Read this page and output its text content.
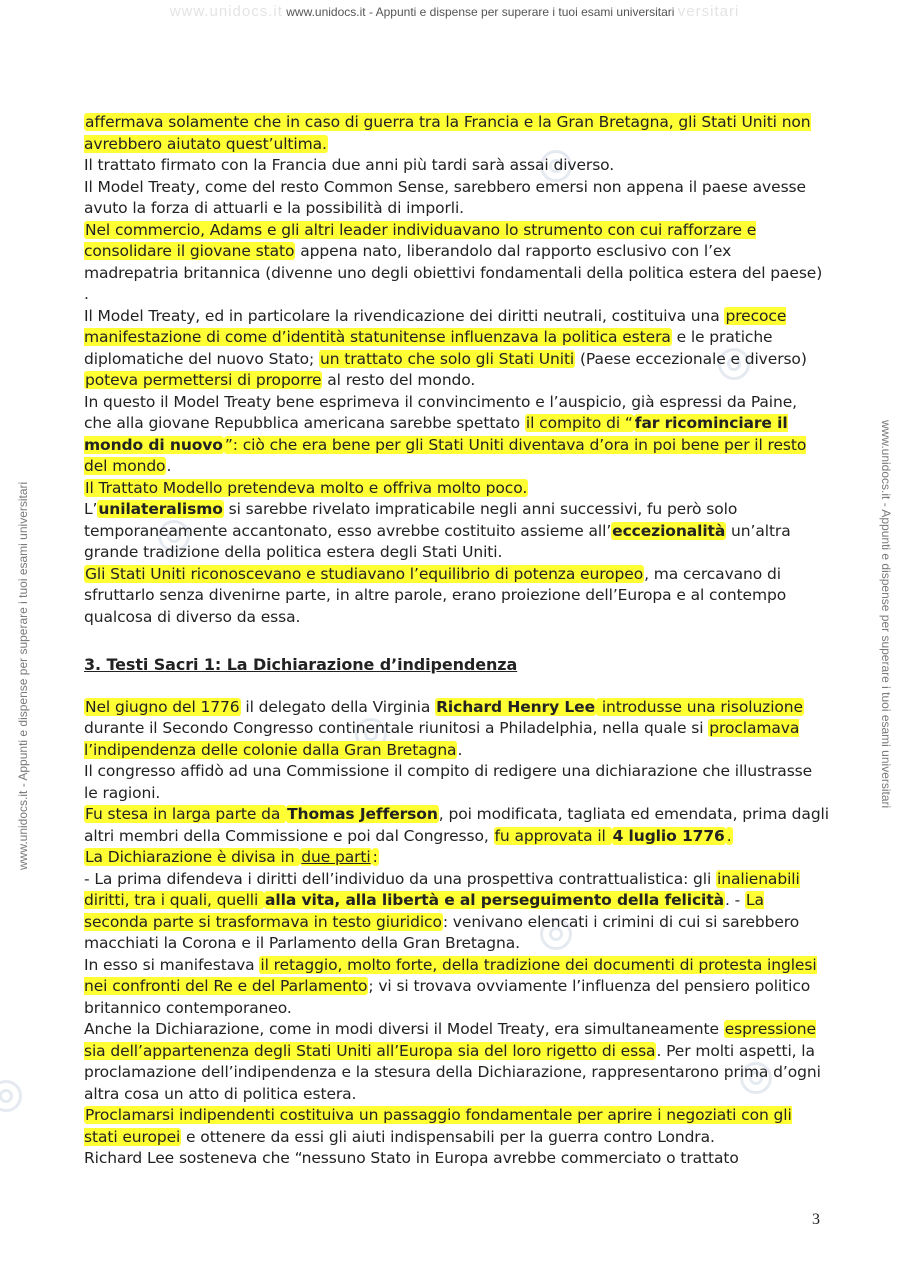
www.unidocs.it www.unidocs.it - Appunti e dispense per superare i tuoi esami universitari versitari
www.unidocs.it - Appunti e dispense per superare i tuoi esami universitari	www.unidocs.it - Appunti e dispense per superare i tuoi esami universitari

affermava solamente che in caso di guerra tra la Francia e la Gran Bretagna, gli Stati Uniti non avrebbero aiutato quest’ultima.

Il trattato firmato con la Francia due anni più tardi sarà assai diverso.

Il Model Treaty, come del resto Common Sense, sarebbero emersi non appena il paese avesse avuto la forza di attuarli e la possibilità di imporli.

Nel commercio, Adams e gli altri leader individuavano lo strumento con cui rafforzare e consolidare il giovane stato appena nato, liberandolo dal rapporto esclusivo con l’ex madrepatria britannica (divenne uno degli obiettivi fondamentali della politica estera del paese) .

Il Model Treaty, ed in particolare la rivendicazione dei diritti neutrali, costituiva una precoce manifestazione di come d’identità statunitense influenzava la politica estera e le pratiche diplomatiche del nuovo Stato; un trattato che solo gli Stati Uniti (Paese eccezionale e diverso) poteva permettersi di proporre al resto del mondo.

In questo il Model Treaty bene esprimeva il convincimento e l’auspicio, già espressi da Paine, che alla giovane Repubblica americana sarebbe spettato il compito di “ far ricominciare il mondo di nuovo ”: ciò che era bene per gli Stati Uniti diventava d’ora in poi bene per il resto del mondo.

Il Trattato Modello pretendeva molto e offriva molto poco.

L’unilateralismo si sarebbe rivelato impraticabile negli anni successivi, fu però solo temporaneamente accantonato, esso avrebbe costituito assieme all’eccezionalità un’altra grande tradizione della politica estera degli Stati Uniti.

Gli Stati Uniti riconoscevano e studiavano l’equilibrio di potenza europeo, ma cercavano di sfruttarlo senza divenirne parte, in altre parole, erano proiezione dell’Europa e al contempo qualcosa di diverso da essa.

3. Testi Sacri 1: La Dichiarazione d’indipendenza

Nel giugno del 1776 il delegato della Virginia Richard Henry Lee introdusse una risoluzione durante il Secondo Congresso continentale riunitosi a Philadelphia, nella quale si proclamava l’indipendenza delle colonie dalla Gran Bretagna.

Il congresso affidò ad una Commissione il compito di redigere una dichiarazione che illustrasse le ragioni.

Fu stesa in larga parte da Thomas Jefferson, poi modificata, tagliata ed emendata, prima dagli altri membri della Commissione e poi dal Congresso, fu approvata il 4 luglio 1776 .

La Dichiarazione è divisa in due parti :

- La prima difendeva i diritti dell’individuo da una prospettiva contrattualistica: gli inalienabili diritti, tra i quali, quelli alla vita, alla libertà e al perseguimento della felicità. - La seconda parte si trasformava in testo giuridico: venivano elencati i crimini di cui si sarebbero macchiati la Corona e il Parlamento della Gran Bretagna.

In esso si manifestava il retaggio, molto forte, della tradizione dei documenti di protesta inglesi nei confronti del Re e del Parlamento; vi si trovava ovviamente l’influenza del pensiero politico britannico contemporaneo.

Anche la Dichiarazione, come in modi diversi il Model Treaty, era simultaneamente espressione sia dell’appartenenza degli Stati Uniti all’Europa sia del loro rigetto di essa. Per molti aspetti, la proclamazione dell’indipendenza e la stesura della Dichiarazione, rappresentarono prima d’ogni altra cosa un atto di politica estera.

Proclamarsi indipendenti costituiva un passaggio fondamentale per aprire i negoziati con gli stati europei e ottenere da essi gli aiuti indispensabili per la guerra contro Londra.

Richard Lee sosteneva che “nessuno Stato in Europa avrebbe commerciato o trattato

3
